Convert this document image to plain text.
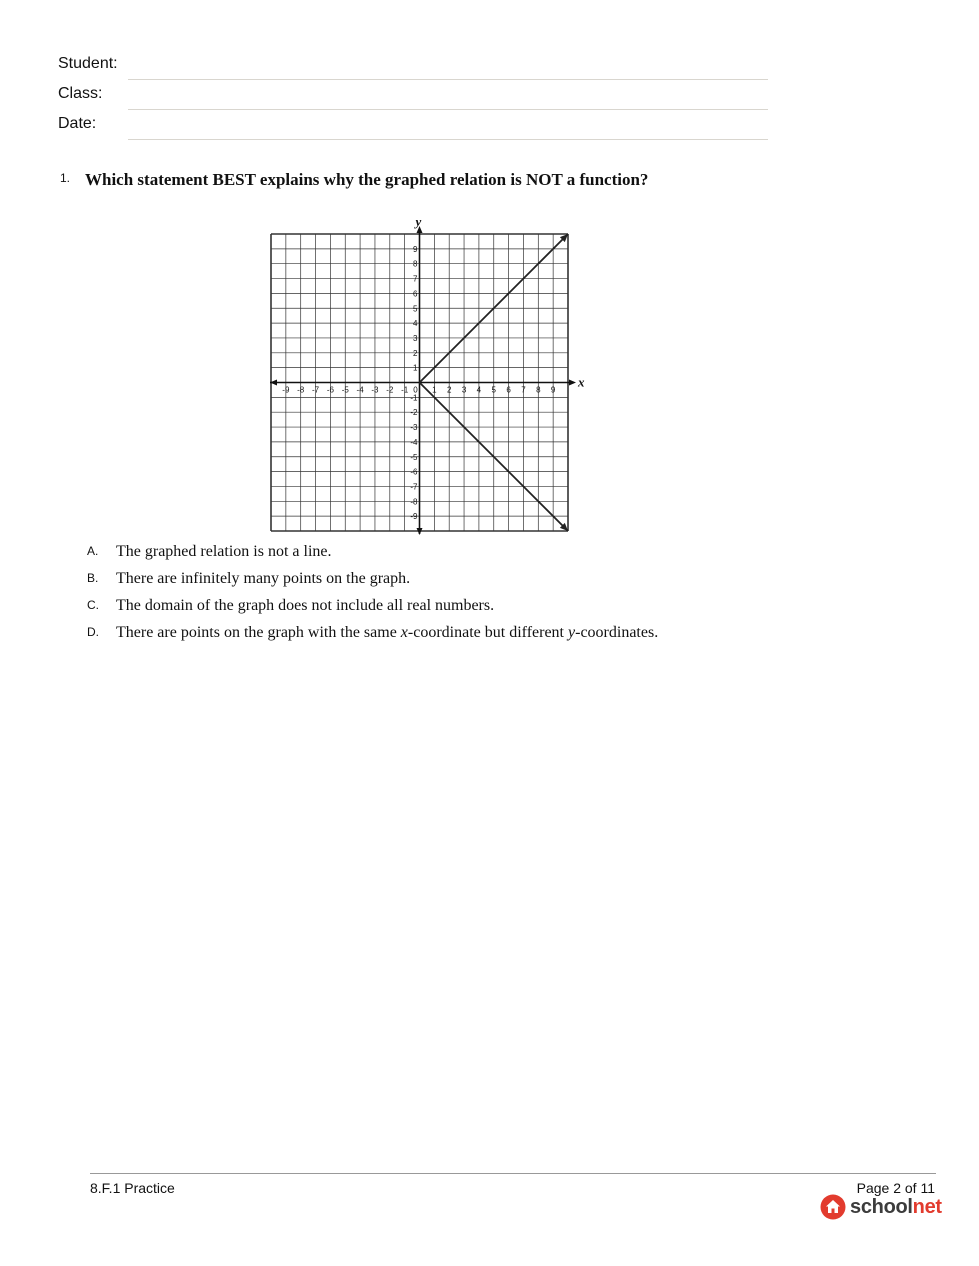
Student:
Class:
Date:
1. Which statement BEST explains why the graphed relation is NOT a function?
x
y
-9 -8 -7 -6 -5 -4 -3 -2 -1 0 1 2 3 4 5 6 7 8 9
9
8
7
6
5
4
3
2
1
-1
-2
-3
-4
-5
-6
-7
-8
-9
A. The graphed relation is not a line.
B. There are infinitely many points on the graph.
C. The domain of the graph does not include all real numbers.
D. There are points on the graph with the same x-coordinate but different y-coordinates.
8.F.1 Practice	Page 2 of 11
schoolnet
